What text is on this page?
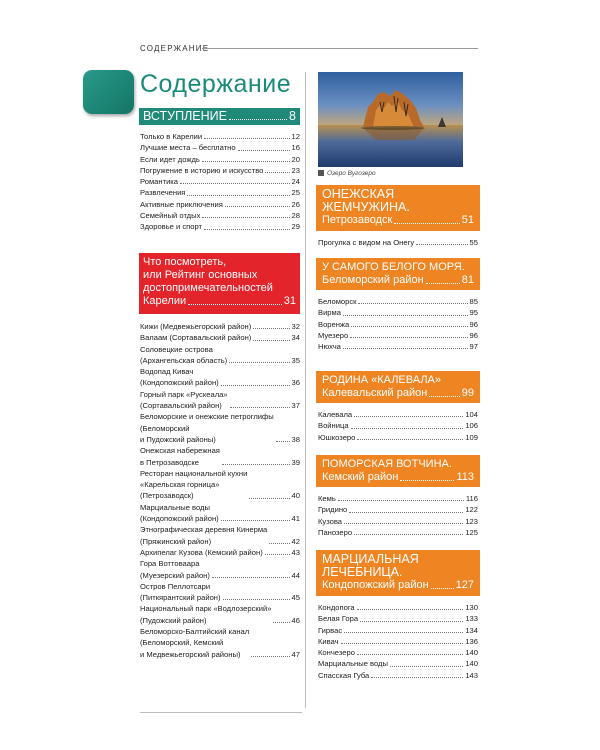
СОДЕРЖАНИЕ
Содержание
ВСТУПЛЕНИЕ	8
Только в Карелии	12
Лучшие места – бесплатно	16
Если идет дождь	20
Погружение в историю и искусство	23
Романтика	24
Развлечения	25
Активные приключения	26
Семейный отдых	28
Здоровье и спорт	29
Что посмотреть,
или Рейтинг основных
достопримечательностей
Карелии	31
Кижи (Медвежьегорский район)	32
Валаам (Сортавальский район)	34
Соловецкие острова
(Архангельская область)	35
Водопад Кивач
(Кондопожский район)	36
Горный парк «Рускеала»
(Сортавальский район)	37
Беломорские и онежские петроглифы
(Беломорский
и Пудожский районы)	38
Онежская набережная
в Петрозаводске	39
Ресторан национальной кухни
«Карельская горница»
(Петрозаводск)	40
Марциальные воды
(Кондопожский район)	41
Этнографическая деревня Кинерма
(Пряжинский район)	42
Архипелаг Кузова (Кемский район)	43
Гора Воттоваара
(Муезерский район)	44
Остров Пеллотсари
(Питкярантский район)	45
Национальный парк «Водлозерский»
(Пудожский район)	46
Беломорско-Балтийский канал
(Беломорский, Кемский
и Медвежьегорский районы)	47
Озеро Вугозеро
ОНЕЖСКАЯ
ЖЕМЧУЖИНА.
Петрозаводск	51
Прогулка с видом на Онегу	55
У САМОГО БЕЛОГО МОРЯ.
Беломорский район	81
Беломорск	85
Вирма	95
Воренжа	96
Муезеро	96
Нюхча	97
РОДИНА «КАЛЕВАЛА»
Калевальский район	99
Калевала	104
Войница	106
Юшкозеро	109
ПОМОРСКАЯ ВОТЧИНА.
Кемский район	113
Кемь	116
Гридино	122
Кузова	123
Панозеро	125
МАРЦИАЛЬНАЯ
ЛЕЧЕБНИЦА.
Кондопожский район 127
Кондопога	130
Белая Гора	133
Гирвас	134
Кивач	136
Кончезеро	140
Марциальные воды	140
Спасская Губа	143
